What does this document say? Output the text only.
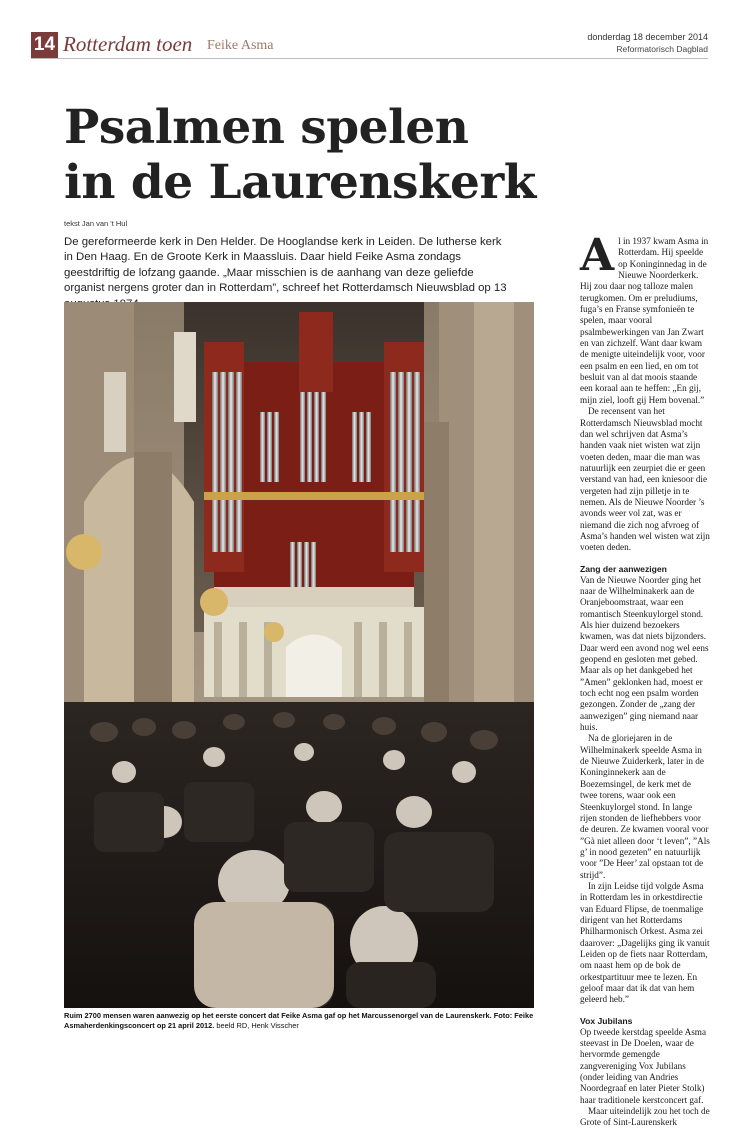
14 Rotterdam toen Feike Asma
donderdag 18 december 2014
Reformatorisch Dagblad
Psalmen spelen
in de Laurenskerk
tekst Jan van 't Hul
De gereformeerde kerk in Den Helder. De Hooglandse kerk in Leiden. De lutherse kerk in Den Haag. En de Groote Kerk in Maassluis. Daar hield Feike Asma zondags geestdriftig de lofzang gaande. „Maar misschien is de aanhang van deze geliefde organist nergens groter dan in Rotterdam”, schreef het Rotterdamsch Nieuwsblad op 13
Ruim 2700 mensen waren aanwezig op het eerste concert dat Feike Asma gaf op het Marcussenorgel van de Laurenskerk. Foto: Feike Asmaherdenkingsconcert op 21 april 2012. beeld RD, Henk Visscher

Al in 1937 kwam Asma in Rotterdam. Hij speelde op Koninginnedag in de Nieuwe Noorderkerk. Hij zou daar nog talloze malen terugkomen. Om er preludiums, fuga’s en Franse symfonieën te spelen, maar vooral psalmbewerkingen van Jan Zwart en van zichzelf. Want daar kwam de menigte uiteindelijk voor, voor een psalm en een lied, en om tot besluit van al dat moois staande een koraal aan te heffen: „En gij, mijn ziel, looft gij Hem bovenal.”

De recensent van het Rotterdamsch Nieuwsblad mocht dan wel schrijven dat Asma’s handen vaak niet wisten wat zijn voeten deden, maar die man was natuurlijk een zeurpiet die er geen verstand van had, een kniesoor die vergeten had zijn pilletje in te nemen. Als de Nieuwe Noorder ’s avonds weer vol zat, was er niemand die zich nog afvroeg of Asma’s handen wel wisten wat zijn voeten deden.

Zang der aanwezigen

Van de Nieuwe Noorder ging het naar de Wilhelminakerk aan de Oranjeboomstraat, waar een romantisch Steenkuylorgel stond. Als hier duizend bezoekers kwamen, was dat niets bijzonders. Daar werd een avond nog wel eens geopend en gesloten met gebed. Maar als op het dankgebed het ”Amen” geklonken had, moest er toch echt nog een psalm worden gezongen. Zonder de „zang der aanwezigen” ging niemand naar huis.

Na de gloriejaren in de Wilhelminakerk speelde Asma in de Nieuwe Zuiderkerk, later in de Koninginnekerk aan de Boezemsingel, de kerk met de twee torens, waar ook een Steenkuylorgel stond. In lange rijen stonden de liefhebbers voor de deuren. Ze kwamen vooral voor ”Gà niet alleen door ‘t leven”, ”Als g’ in nood gezeten” en natuurlijk voor ”De Heer’ zal opstaan tot de strijd”.

In zijn Leidse tijd volgde Asma in Rotterdam les in orkestdirectie van Eduard Flipse, de toenmalige dirigent van het Rotterdams Philharmonisch Orkest. Asma zei daarover: „Dagelijks ging ik vanuit Leiden op de fiets naar Rotterdam, om naast hem op de bok de orkestpartituur mee te lezen. En geloof maar dat ik dat van hem geleerd heb.”

Vox Jubilans

Op tweede kerstdag speelde Asma steevast in De Doelen, waar de hervormde gemengde zangvereniging Vox Jubilans (onder leiding van Andries Noordegraaf en later Pieter Stolk) haar traditionele kerstconcert gaf.

Maar uiteindelijk zou het toch de Grote of Sint-Laurenskerk
